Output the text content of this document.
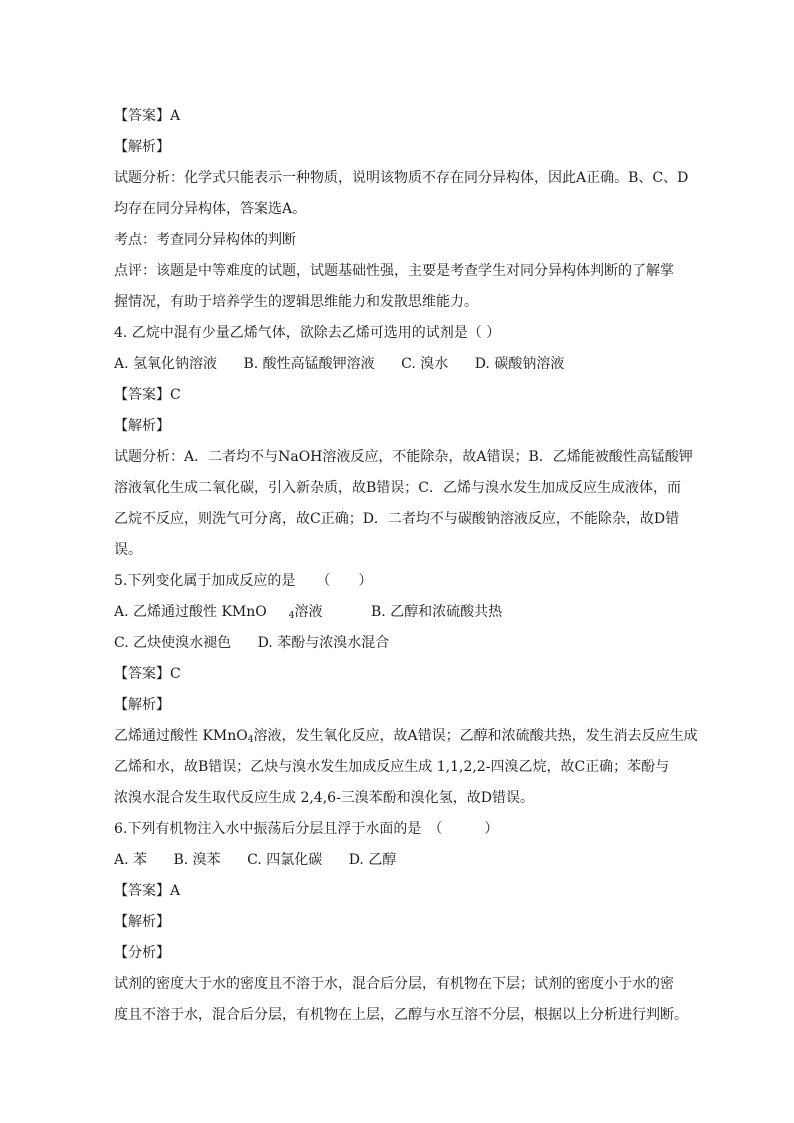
【答案】A

【解析】

试题分析：化学式只能表示一种物质，说明该物质不存在同分异构体，因此A正确。B、C、D

均存在同分异构体，答案选A。

考点：考查同分异构体的判断

点评：该题是中等难度的试题，试题基础性强，主要是考查学生对同分异构体判断的了解掌

握情况，有助于培养学生的逻辑思维能力和发散思维能力。

4. 乙烷中混有少量乙烯气体，欲除去乙烯可选用的试剂是（ ）

A. 氢氧化钠溶液 B. 酸性高锰酸钾溶液 C. 溴水 D. 碳酸钠溶液

【答案】C

【解析】

试题分析：A．二者均不与NaOH溶液反应，不能除杂，故A错误；B．乙烯能被酸性高锰酸钾

溶液氧化生成二氧化碳，引入新杂质，故B错误；C．乙烯与溴水发生加成反应生成液体，而

乙烷不反应，则洗气可分离，故C正确；D．二者均不与碳酸钠溶液反应，不能除杂，故D错

误。

5.下列变化属于加成反应的是　　（　　）

A. 乙烯通过酸性 KMnO $_4$溶液	B. 乙醇和浓硫酸共热

C. 乙炔使溴水褪色 D. 苯酚与浓溴水混合

【答案】C

【解析】

乙烯通过酸性 KMnO$_4$溶液，发生氧化反应，故A错误；乙醇和浓硫酸共热，发生消去反应生成

乙烯和水，故B错误；乙炔与溴水发生加成反应生成 1,1,2,2-四溴乙烷，故C正确；苯酚与

浓溴水混合发生取代反应生成 2,4,6-三溴苯酚和溴化氢，故D错误。

6.下列有机物注入水中振荡后分层且浮于水面的是　（　　　）

A. 苯 B. 溴苯 C. 四氯化碳 D. 乙醇

【答案】A

【解析】

【分析】

试剂的密度大于水的密度且不溶于水，混合后分层，有机物在下层；试剂的密度小于水的密

度且不溶于水，混合后分层，有机物在上层，乙醇与水互溶不分层，根据以上分析进行判断。
